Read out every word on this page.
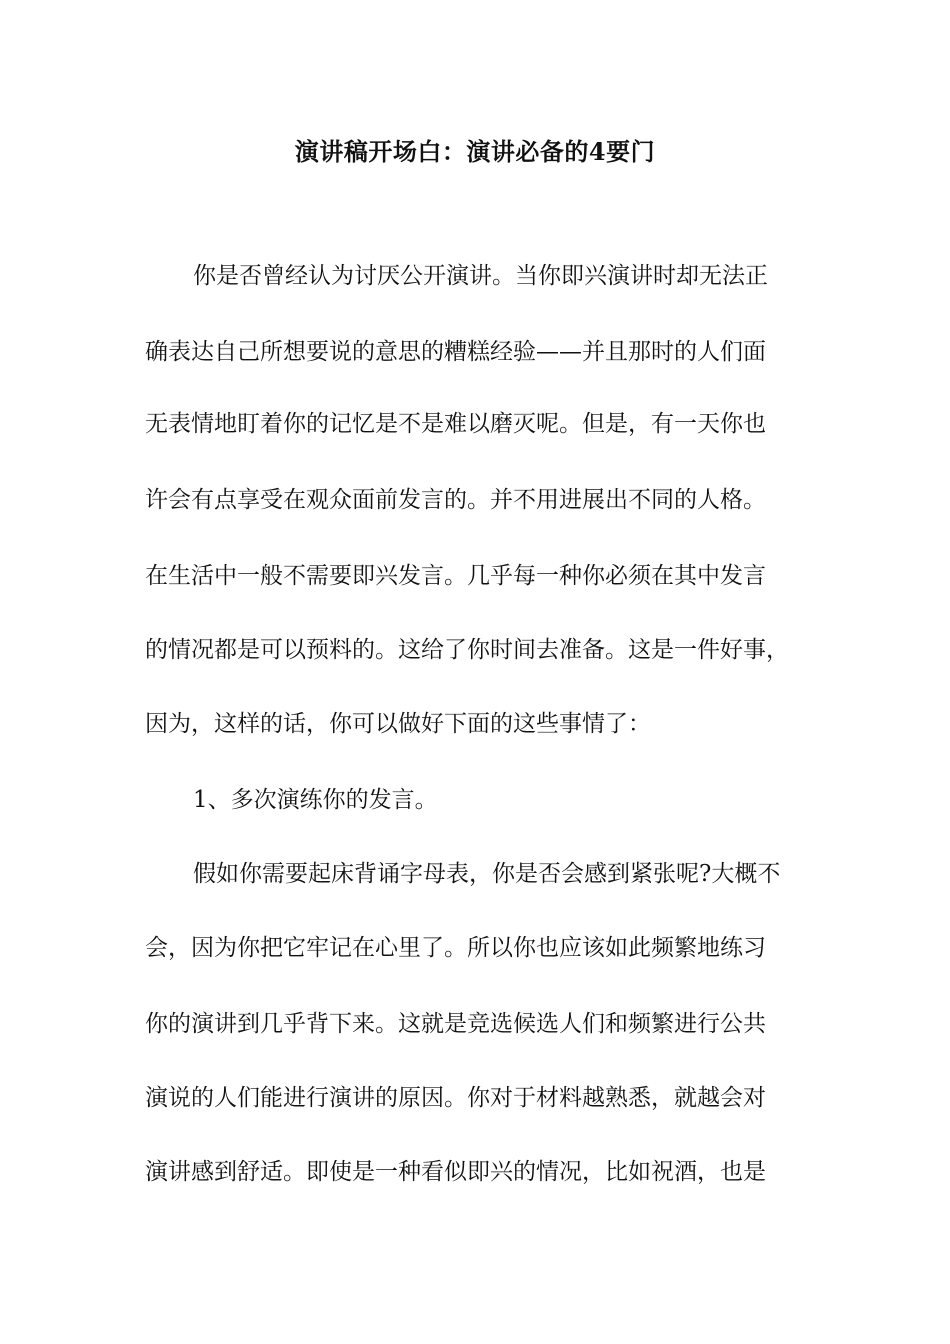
演讲稿开场白：演讲必备的4要门
你是否曾经认为讨厌公开演讲。当你即兴演讲时却无法正
确表达自己所想要说的意思的糟糕经验——并且那时的人们面
无表情地盯着你的记忆是不是难以磨灭呢。但是，有一天你也
许会有点享受在观众面前发言的。并不用进展出不同的人格。
在生活中一般不需要即兴发言。几乎每一种你必须在其中发言
的情况都是可以预料的。这给了你时间去准备。这是一件好事，
因为，这样的话，你可以做好下面的这些事情了：
1、多次演练你的发言。
假如你需要起床背诵字母表，你是否会感到紧张呢?大概不
会，因为你把它牢记在心里了。所以你也应该如此频繁地练习
你的演讲到几乎背下来。这就是竞选候选人们和频繁进行公共
演说的人们能进行演讲的原因。你对于材料越熟悉，就越会对
演讲感到舒适。即使是一种看似即兴的情况，比如祝酒，也是
